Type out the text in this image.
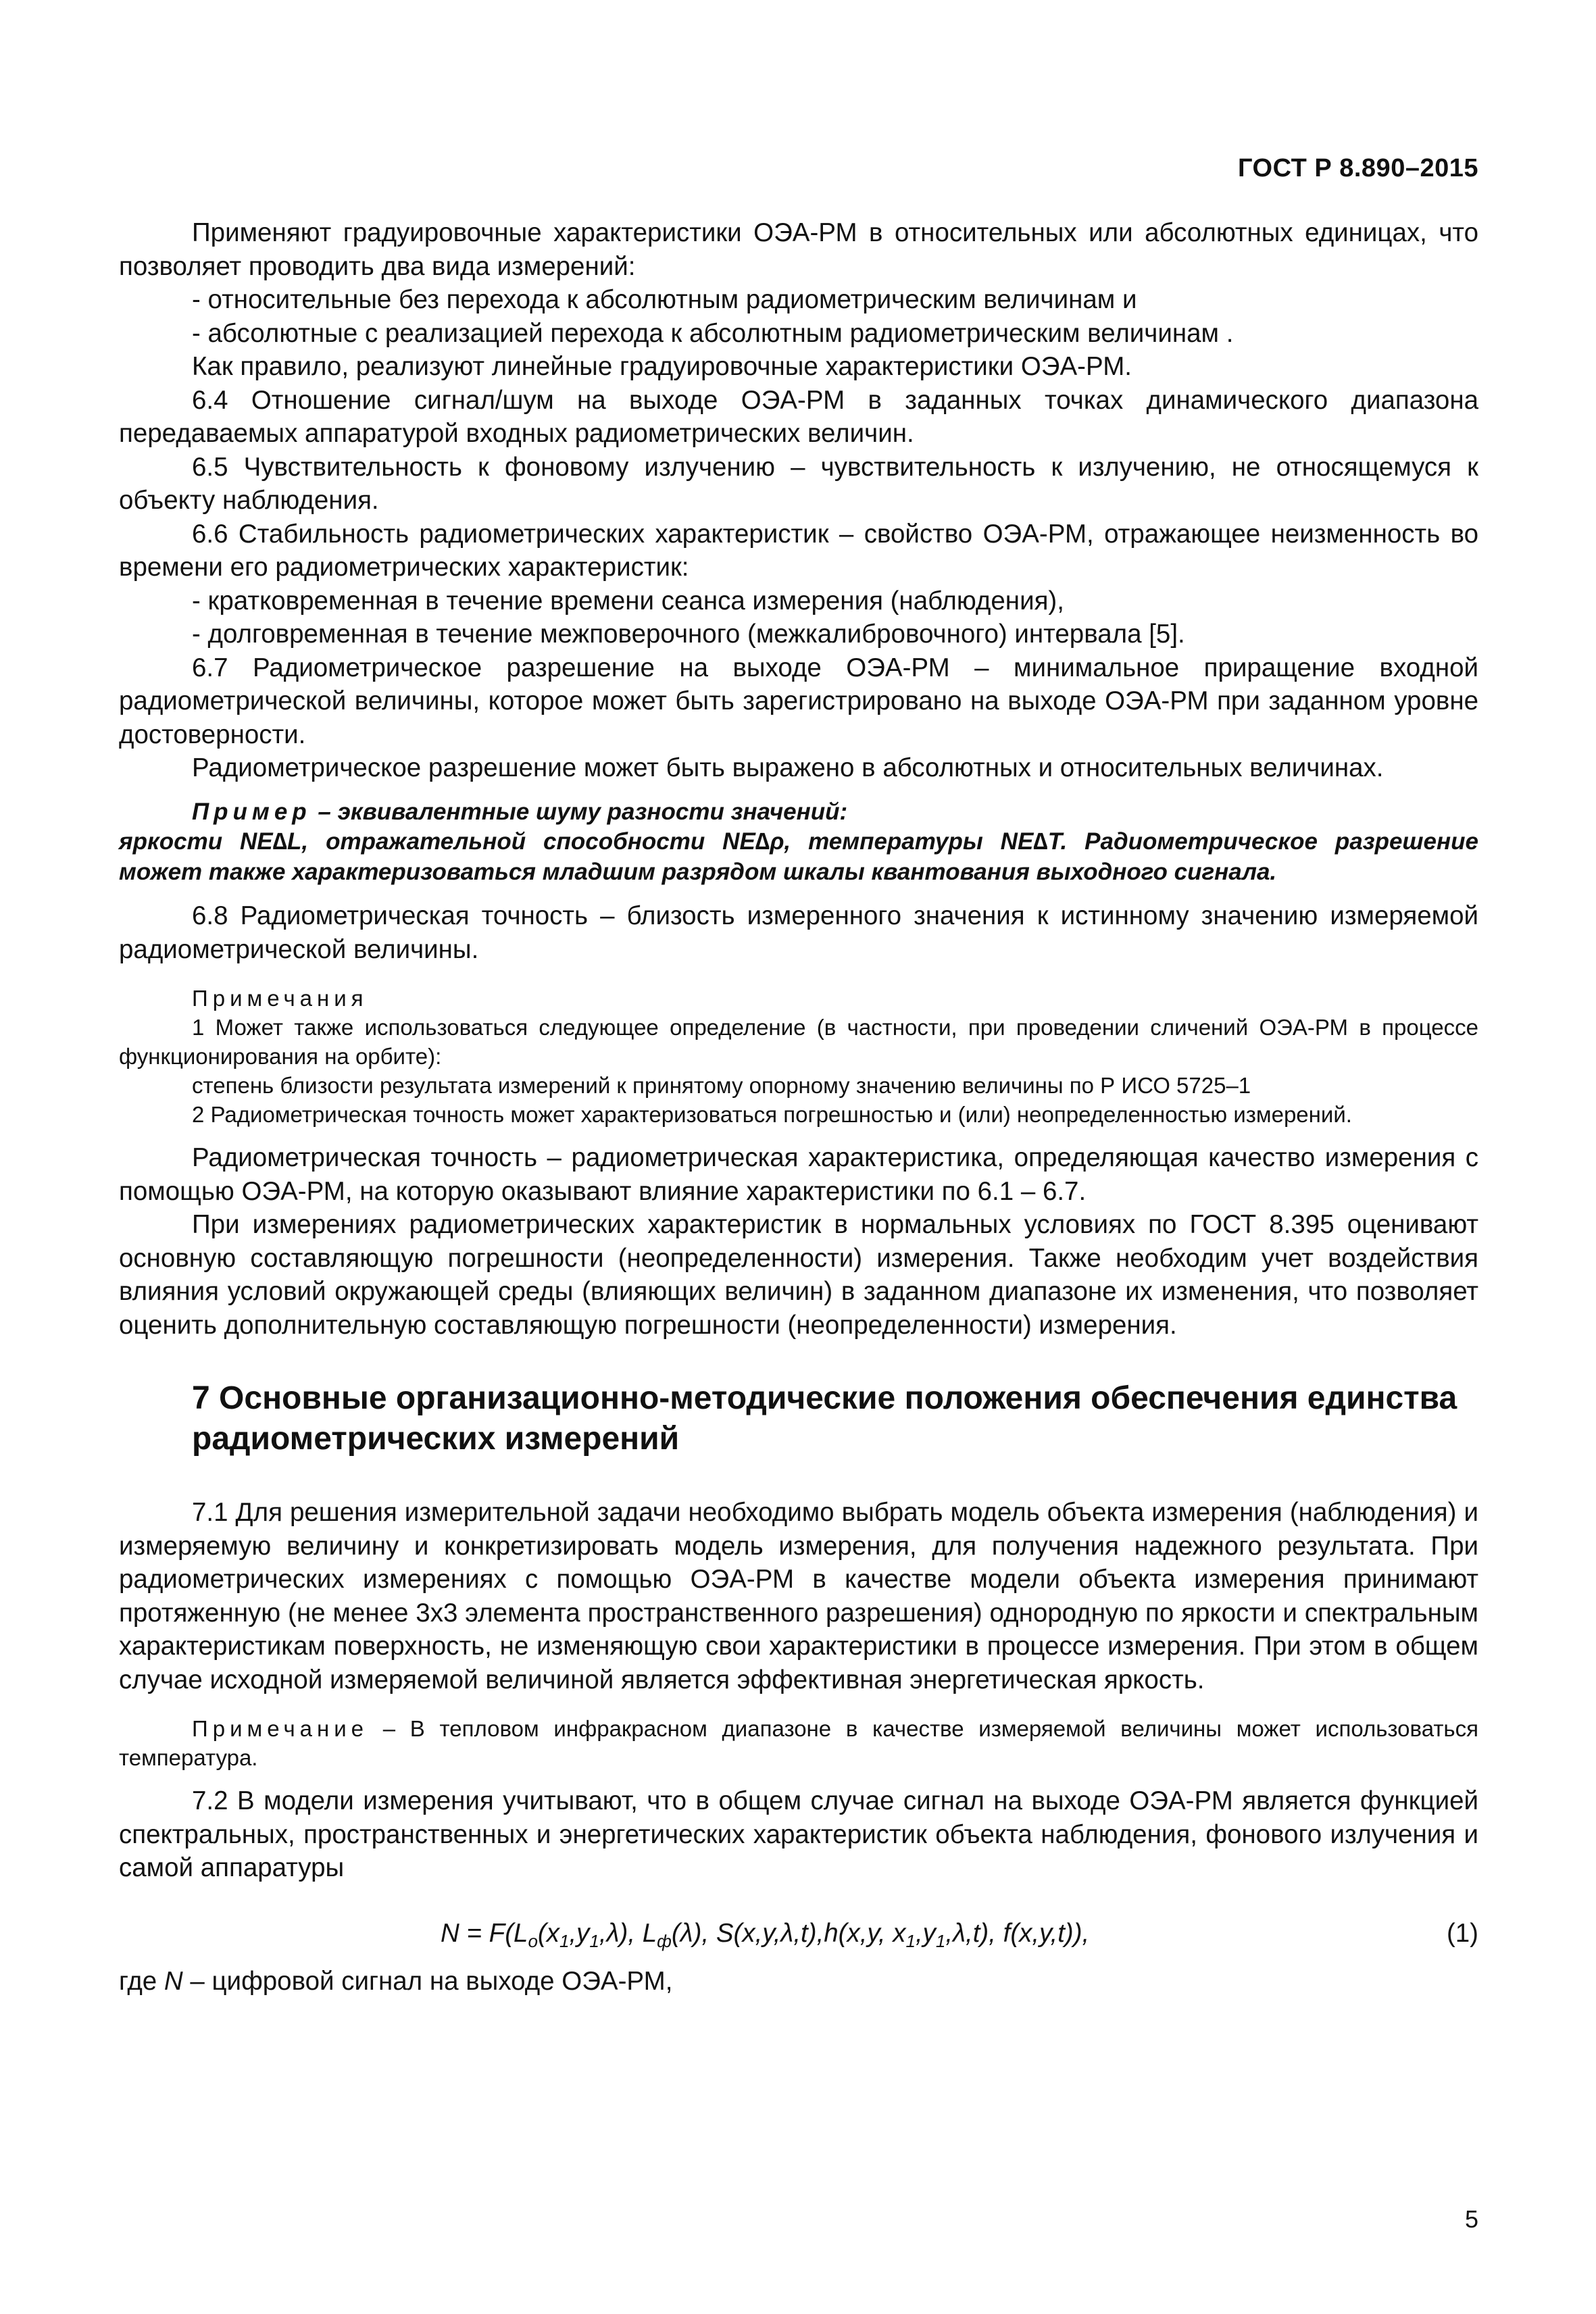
ГОСТ Р 8.890–2015

Применяют градуировочные характеристики ОЭА-РМ в относительных или абсолютных единицах, что позволяет проводить два вида измерений:

- относительные без перехода к абсолютным радиометрическим величинам и

- абсолютные с реализацией перехода к абсолютным радиометрическим величинам .

Как правило, реализуют линейные градуировочные характеристики ОЭА-РМ.

6.4 Отношение сигнал/шум на выходе ОЭА-РМ в заданных точках динамического диапазона передаваемых аппаратурой входных радиометрических величин.

6.5 Чувствительность к фоновому излучению – чувствительность к излучению, не относящемуся к объекту наблюдения.

6.6 Стабильность радиометрических характеристик – свойство ОЭА-РМ, отражающее неизменность во времени его радиометрических характеристик:

- кратковременная в течение времени сеанса измерения (наблюдения),

- долговременная в течение межповерочного (межкалибровочного) интервала [5].

6.7 Радиометрическое разрешение на выходе ОЭА-РМ – минимальное приращение входной радиометрической величины, которое может быть зарегистрировано на выходе ОЭА-РМ при заданном уровне достоверности.

Радиометрическое разрешение может быть выражено в абсолютных и относительных величинах.

Пример – эквивалентные шуму разности значений:

яркости NE∆L, отражательной способности NE∆ρ, температуры NE∆T. Радиометрическое разрешение может также характеризоваться младшим разрядом шкалы квантования выходного сигнала.

6.8 Радиометрическая точность – близость измеренного значения к истинному значению измеряемой радиометрической величины.

Примечания

1 Может также использоваться следующее определение (в частности, при проведении сличений ОЭА-РМ в процессе функционирования на орбите):

степень близости результата измерений к принятому опорному значению величины по Р ИСО 5725–1

2 Радиометрическая точность может характеризоваться погрешностью и (или) неопределенностью измерений.

Радиометрическая точность – радиометрическая характеристика, определяющая качество измерения с помощью ОЭА-РМ, на которую оказывают влияние характеристики по 6.1 – 6.7.

При измерениях радиометрических характеристик в нормальных условиях по ГОСТ 8.395 оценивают основную составляющую погрешности (неопределенности) измерения. Также необходим учет воздействия влияния условий окружающей среды (влияющих величин) в заданном диапазоне их изменения, что позволяет оценить дополнительную составляющую погрешности (неопределенности) измерения.

7 Основные организационно-методические положения обеспечения единства радиометрических измерений

7.1 Для решения измерительной задачи необходимо выбрать модель объекта измерения (наблюдения) и измеряемую величину и конкретизировать модель измерения, для получения надежного результата. При радиометрических измерениях с помощью ОЭА-РМ в качестве модели объекта измерения принимают протяженную (не менее 3х3 элемента пространственного разрешения) однородную по яркости и спектральным характеристикам поверхность, не изменяющую свои характеристики в процессе измерения. При этом в общем случае исходной измеряемой величиной является эффективная энергетическая яркость.

Примечание – В тепловом инфракрасном диапазоне в качестве измеряемой величины может использоваться температура.

7.2 В модели измерения учитывают, что в общем случае сигнал на выходе ОЭА-РМ является функцией спектральных, пространственных и энергетических характеристик объекта наблюдения, фонового излучения и самой аппаратуры

$N = F(L_o(x_1,y_1,\lambda)$, $L_ф(\lambda)$, S(x,y,λ,t),h(x,y, $x_1,y_1,\lambda,t$), f(x,y,t)),	(1)

где N – цифровой сигнал на выходе ОЭА-РМ,

5
